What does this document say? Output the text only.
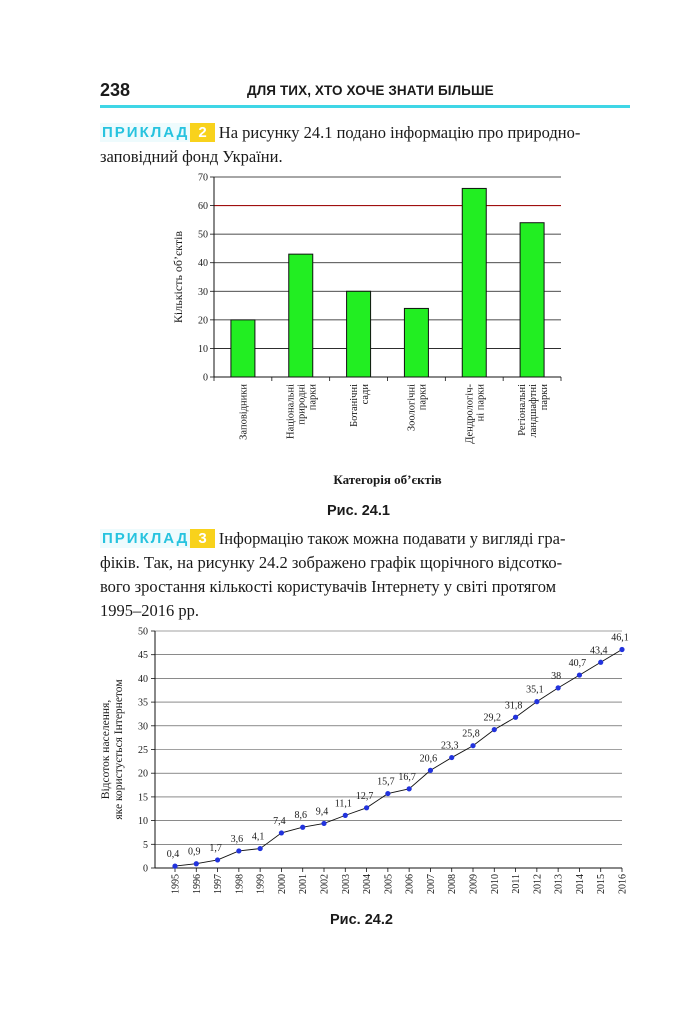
238	ДЛЯ ТИХ, ХТО ХОЧЕ ЗНАТИ БІЛЬШЕ
ПРИКЛАД 2 На рисунку 24.1 подано інформацію про природно-
заповідний фонд України.
0
10
20
30
40
50
60
70
Заповідники	Національні природні парки	Ботанічні сади	Зоологічні парки	Дендрологіч- ні парки	Регіональні ландшафтні парки
Кількість об’єктів
Категорія об’єктів
Рис. 24.1
ПРИКЛАД 3 Інформацію також можна подавати у вигляді гра-
фіків. Так, на рисунку 24.2 зображено графік щорічного відсотко-
вого зростання кількості користувачів Інтернету у світі протягом
1995–2016 рр.
0
5
10
15
20
25
30
35
40
45
50
1995 1996 1997 1998 1999 2000 2001 2002 2003 2004 2005 2006 2007 2008 2009 2010 2011 2012 2013 2014 2015 2016
0,4 0,9 1,7
3,6 4,1
7,4
8,6 9,4
11,1
12,7
15,7 16,7
20,6
23,3
25,8
29,2
31,8
35,1
38
40,7
43,4
46,1
Відсоток населення, яке користується Інтернетом
Рис. 24.2
